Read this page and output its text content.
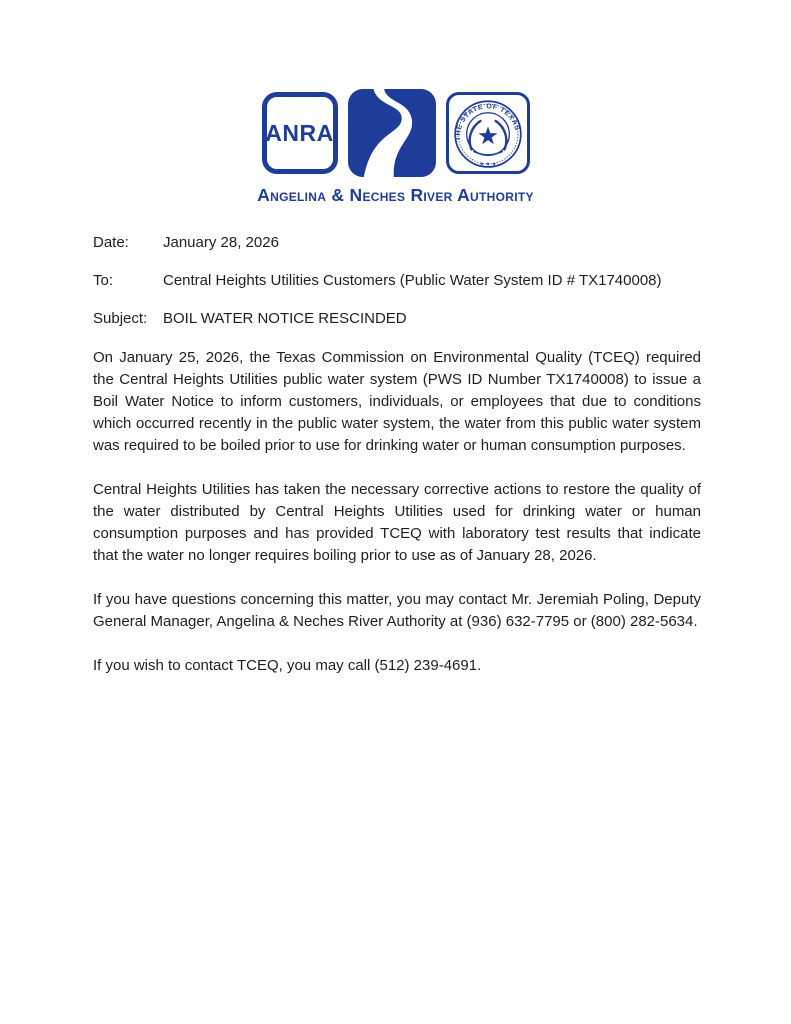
ANRA	THE STATE OF TEXAS
★ ★ ★
Angelina & Neches River Authority
Date:	January 28, 2026
To:	Central Heights Utilities Customers (Public Water System ID # TX1740008)
Subject:	BOIL WATER NOTICE RESCINDED

On January 25, 2026, the Texas Commission on Environmental Quality (TCEQ) required the Central Heights Utilities public water system (PWS ID Number TX1740008) to issue a Boil Water Notice to inform customers, individuals, or employees that due to conditions which occurred recently in the public water system, the water from this public water system was required to be boiled prior to use for drinking water or human consumption purposes.

Central Heights Utilities has taken the necessary corrective actions to restore the quality of the water distributed by Central Heights Utilities used for drinking water or human consumption purposes and has provided TCEQ with laboratory test results that indicate that the water no longer requires boiling prior to use as of January 28, 2026.

If you have questions concerning this matter, you may contact Mr. Jeremiah Poling, Deputy General Manager, Angelina & Neches River Authority at (936) 632-7795 or (800) 282-5634.

If you wish to contact TCEQ, you may call (512) 239-4691.
